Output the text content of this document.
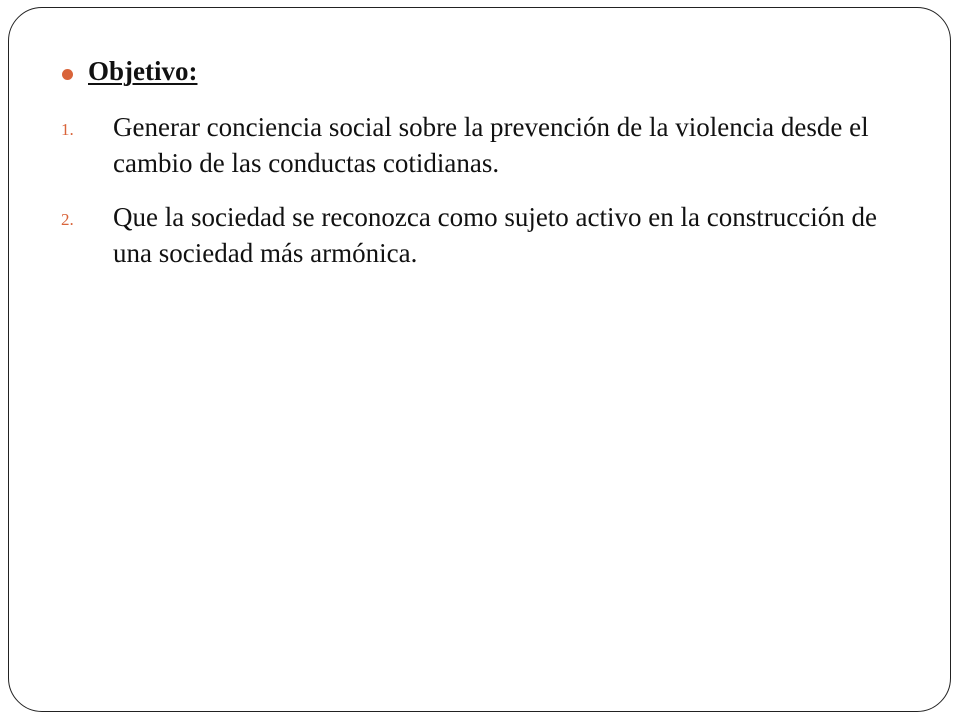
Objetivo:
1. Generar conciencia social sobre la prevención de la violencia desde el cambio de las conductas cotidianas.
2. Que la sociedad se reconozca como sujeto activo en la construcción de una sociedad más armónica.
